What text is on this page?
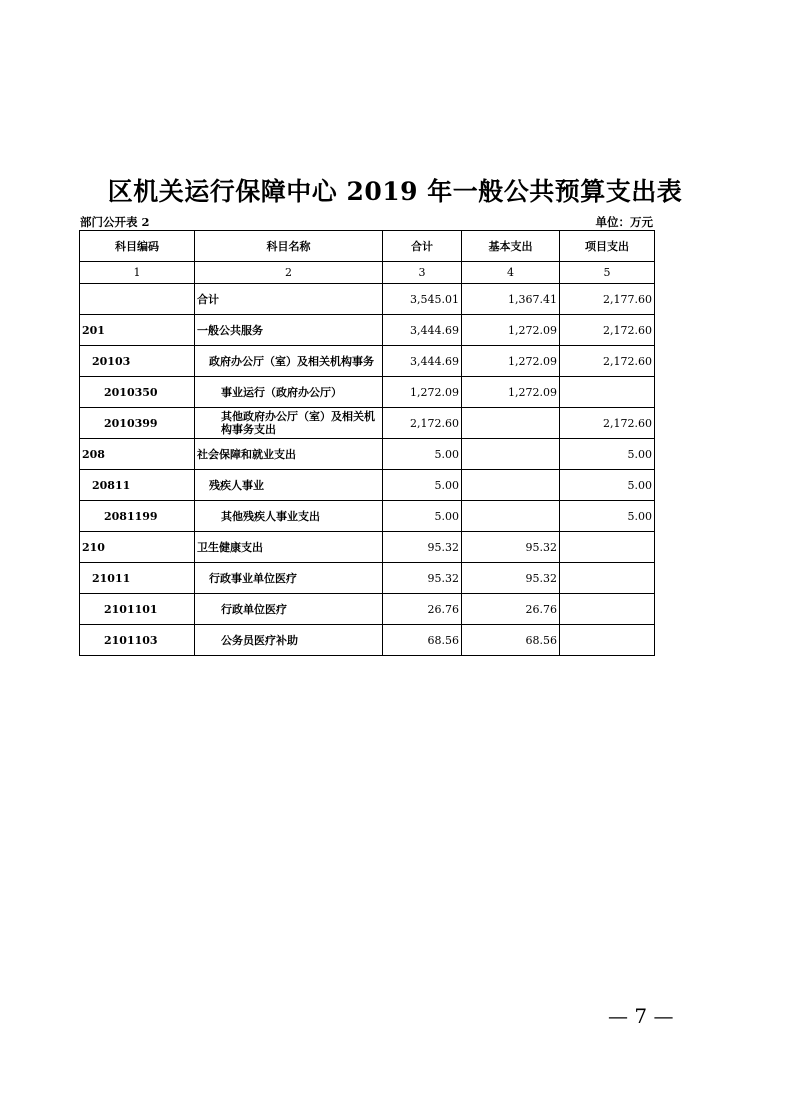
区机关运行保障中心 2019 年一般公共预算支出表
部门公开表 2	单位：万元
科目编码	科目名称	合计	基本支出	项目支出
1	2	3	4	5
	合计	3,545.01	1,367.41	2,177.60
201	一般公共服务	3,444.69	1,272.09	2,172.60
20103	政府办公厅（室）及相关机构事务	3,444.69	1,272.09	2,172.60
2010350	事业运行（政府办公厅）	1,272.09	1,272.09	
2010399	其他政府办公厅（室）及相关机构事务支出	2,172.60		2,172.60
208	社会保障和就业支出	5.00		5.00
20811	残疾人事业	5.00		5.00
2081199	其他残疾人事业支出	5.00		5.00
210	卫生健康支出	95.32	95.32	
21011	行政事业单位医疗	95.32	95.32	
2101101	行政单位医疗	26.76	26.76	
2101103	公务员医疗补助	68.56	68.56	
— 7 —
